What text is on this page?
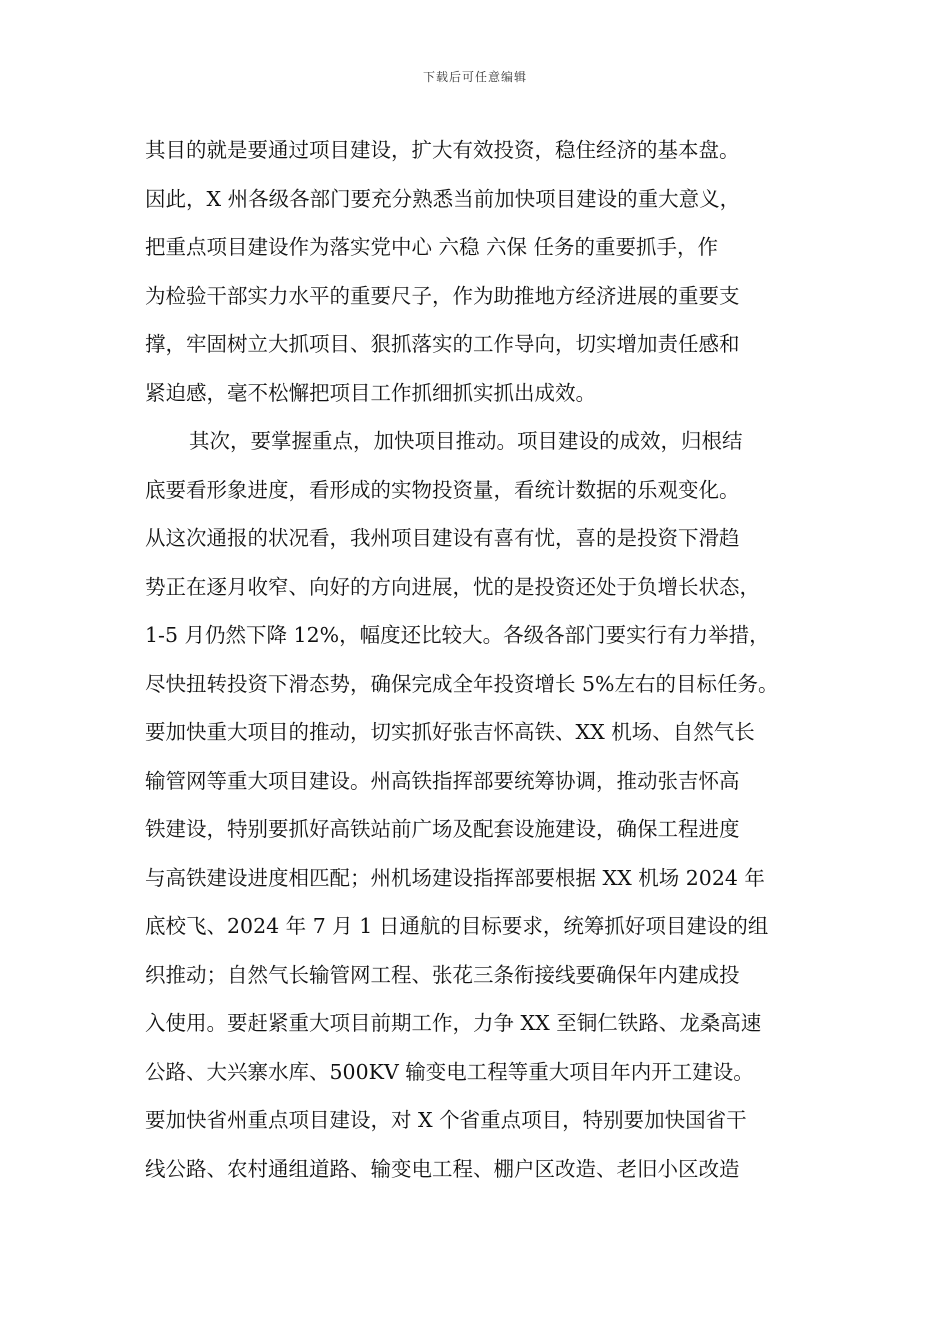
下载后可任意编辑
其目的就是要通过项目建设，扩大有效投资，稳住经济的基本盘。
因此，X 州各级各部门要充分熟悉当前加快项目建设的重大意义，
把重点项目建设作为落实党中心 六稳 六保 任务的重要抓手，作
为检验干部实力水平的重要尺子，作为助推地方经济进展的重要支
撑，牢固树立大抓项目、狠抓落实的工作导向，切实增加责任感和
紧迫感，毫不松懈把项目工作抓细抓实抓出成效。
其次，要掌握重点，加快项目推动。项目建设的成效，归根结
底要看形象进度，看形成的实物投资量，看统计数据的乐观变化。
从这次通报的状况看，我州项目建设有喜有忧，喜的是投资下滑趋
势正在逐月收窄、向好的方向进展，忧的是投资还处于负增长状态，
1-5 月仍然下降 12%，幅度还比较大。各级各部门要实行有力举措，
尽快扭转投资下滑态势，确保完成全年投资增长 5%左右的目标任务。
要加快重大项目的推动，切实抓好张吉怀高铁、XX 机场、自然气长
输管网等重大项目建设。州高铁指挥部要统筹协调，推动张吉怀高
铁建设，特别要抓好高铁站前广场及配套设施建设，确保工程进度
与高铁建设进度相匹配；州机场建设指挥部要根据 XX 机场 2024 年
底校飞、2024 年 7 月 1 日通航的目标要求，统筹抓好项目建设的组
织推动；自然气长输管网工程、张花三条衔接线要确保年内建成投
入使用。要赶紧重大项目前期工作，力争 XX 至铜仁铁路、龙桑高速
公路、大兴寨水库、500KV 输变电工程等重大项目年内开工建设。
要加快省州重点项目建设，对 X 个省重点项目，特别要加快国省干
线公路、农村通组道路、输变电工程、棚户区改造、老旧小区改造
